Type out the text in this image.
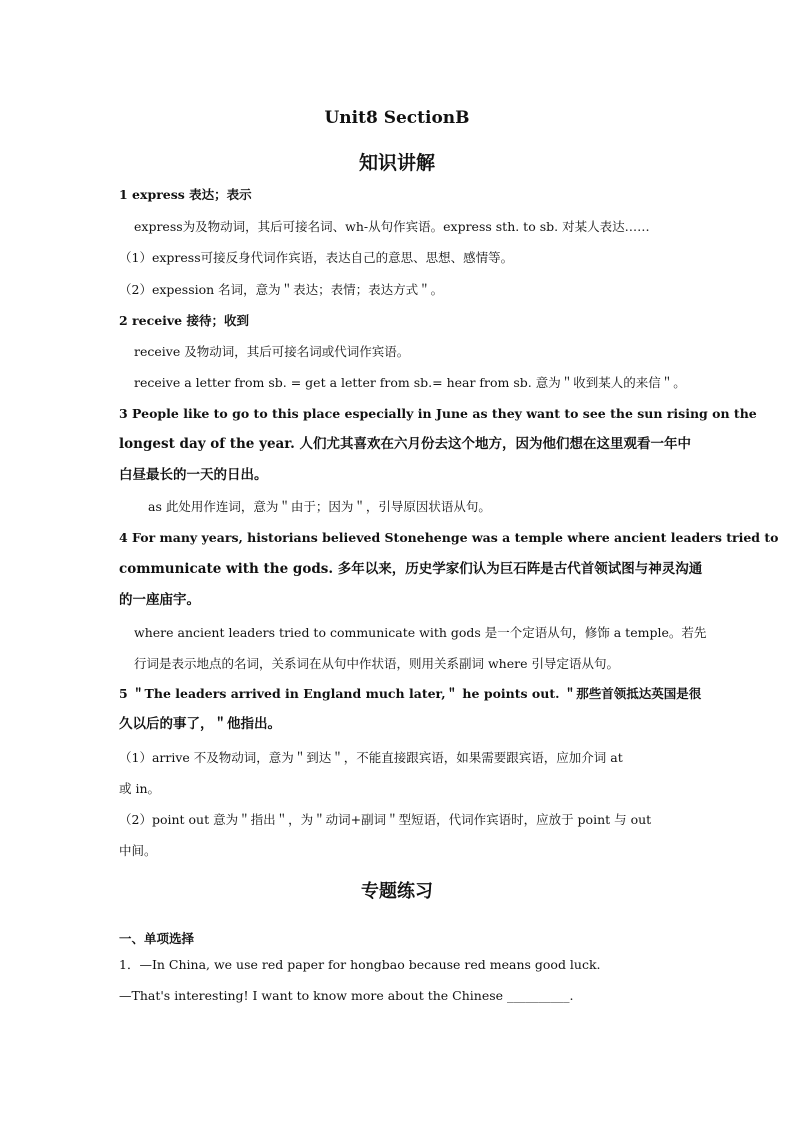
Unit8 SectionB
知识讲解
1 express 表达；表示
express为及物动词，其后可接名词、wh-从句作宾语。express sth. to sb. 对某人表达……
（1）express可接反身代词作宾语，表达自己的意思、思想、感情等。
（2）expession 名词，意为＂表达；表情；表达方式＂。
2 receive 接待；收到
receive 及物动词，其后可接名词或代词作宾语。
receive a letter from sb. = get a letter from sb.= hear from sb. 意为＂收到某人的来信＂。
3 People like to go to this place especially in June as they want to see the sun rising on the
longest day of the year. 人们尤其喜欢在六月份去这个地方，因为他们想在这里观看一年中
白昼最长的一天的日出。
as 此处用作连词，意为＂由于；因为＂，引导原因状语从句。
4 For many years, historians believed Stonehenge was a temple where ancient leaders tried to
communicate with the gods. 多年以来，历史学家们认为巨石阵是古代首领试图与神灵沟通
的一座庙宇。
where ancient leaders tried to communicate with gods 是一个定语从句，修饰 a temple。若先
行词是表示地点的名词，关系词在从句中作状语，则用关系副词 where 引导定语从句。
5 ＂The leaders arrived in England much later,＂ he points out. ＂那些首领抵达英国是很
久以后的事了，＂他指出。
（1）arrive 不及物动词，意为＂到达＂，不能直接跟宾语，如果需要跟宾语，应加介词 at
或 in。
（2）point out 意为＂指出＂，为＂动词+副词＂型短语，代词作宾语时，应放于 point 与 out
中间。
专题练习
一、单项选择
1．—In China, we use red paper for hongbao because red means good luck.
—That's interesting! I want to know more about the Chinese __________.
